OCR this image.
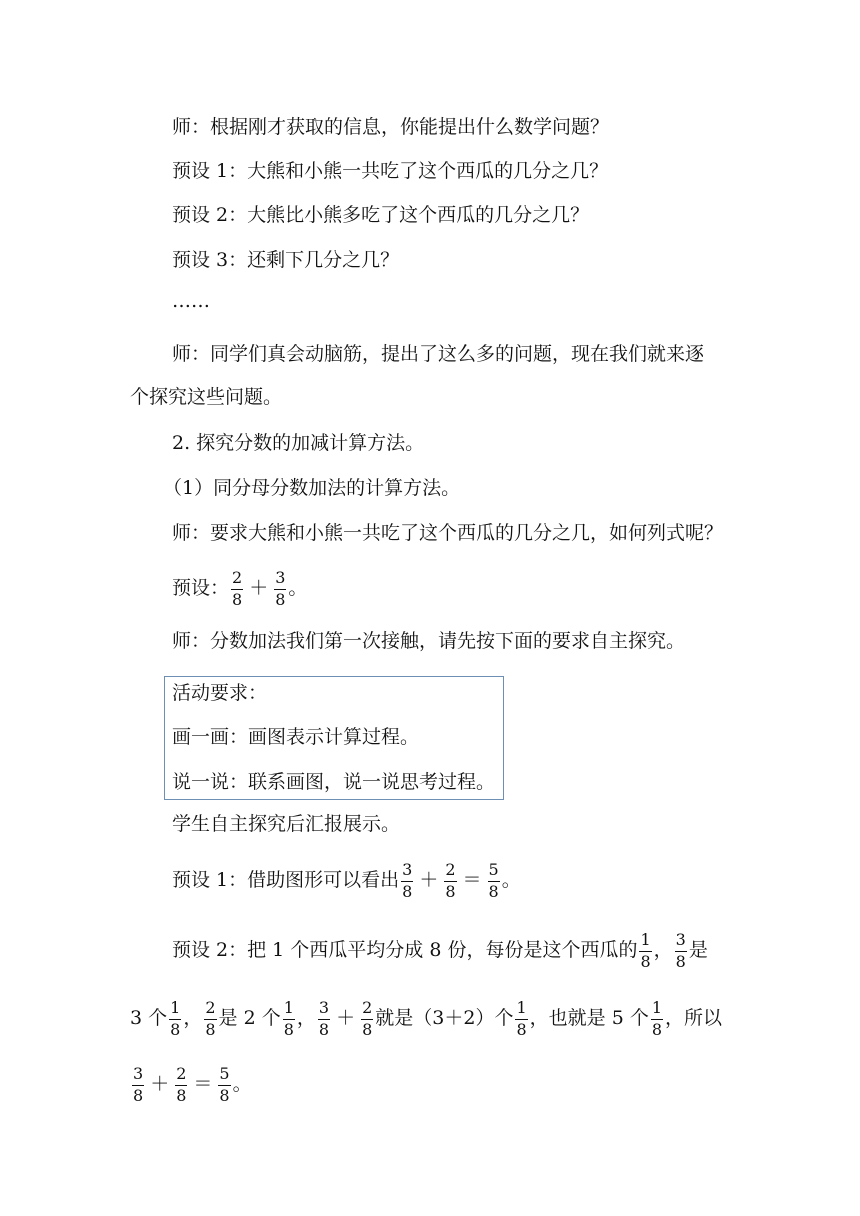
师：根据刚才获取的信息，你能提出什么数学问题？
预设 1：大熊和小熊一共吃了这个西瓜的几分之几？
预设 2：大熊比小熊多吃了这个西瓜的几分之几？
预设 3：还剩下几分之几？
……
师：同学们真会动脑筋，提出了这么多的问题，现在我们就来逐
个探究这些问题。
2. 探究分数的加减计算方法。
（1）同分母分数加法的计算方法。
师：要求大熊和小熊一共吃了这个西瓜的几分之几，如何列式呢？
预设： $\frac{2}{8} + \frac{3}{8}$ 。
师：分数加法我们第一次接触，请先按下面的要求自主探究。
活动要求：
画一画：画图表示计算过程。
说一说：联系画图，说一说思考过程。
学生自主探究后汇报展示。
预设 1：借助图形可以看出 $\frac{3}{8} + \frac{2}{8} = \frac{5}{8}$ 。
预设 2：把 1 个西瓜平均分成 8 份，每份是这个西瓜的 $\frac{1}{8}$ ， $\frac{3}{8}$ 是
3 个 $\frac{1}{8}$ ， $\frac{2}{8}$ 是 2 个 $\frac{1}{8}$ ， $\frac{3}{8} + \frac{2}{8}$ 就是（3＋2）个 $\frac{1}{8}$ ，也就是 5 个 $\frac{1}{8}$ ，所以
$\frac{3}{8} + \frac{2}{8} = \frac{5}{8}$ 。
